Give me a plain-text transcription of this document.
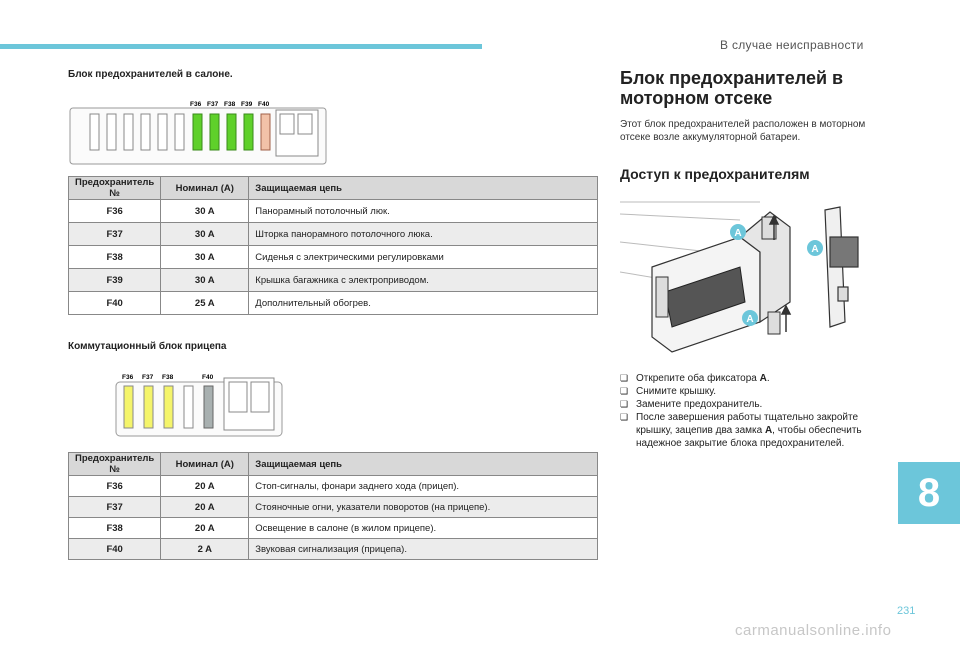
В случае неисправности
Блок предохранителей в салоне.
F36 F37 F38 F39 F40
Предохранитель №	Номинал (A)	Защищаемая цепь
F36	30 A	Панорамный потолочный люк.
F37	30 A	Шторка панорамного потолочного люка.
F38	30 A	Сиденья с электрическими регулировками
F39	30 A	Крышка багажника с электроприводом.
F40	25 A	Дополнительный обогрев.
Коммутационный блок прицепа
F36 F37 F38	F40
Предохранитель №	Номинал (A)	Защищаемая цепь
F36	20 A	Стоп-сигналы, фонари заднего хода (прицеп).
F37	20 A	Стояночные огни, указатели поворотов (на прицепе).
F38	20 A	Освещение в салоне (в жилом прицепе).
F40	2 A	Звуковая сигнализация (прицепа).
Блок предохранителей в
моторном отсеке
Этот блок предохранителей расположен в моторном отсеке возле аккумуляторной батареи.
Доступ к предохранителям
A
A
A
❏ Открепите оба фиксатора A.
❏ Снимите крышку.
❏ Замените предохранитель.
❏ После завершения работы тщательно закройте крышку, зацепив два замка A, чтобы обеспечить надежное закрытие блока предохранителей.
8
231
carmanualsonline.info
